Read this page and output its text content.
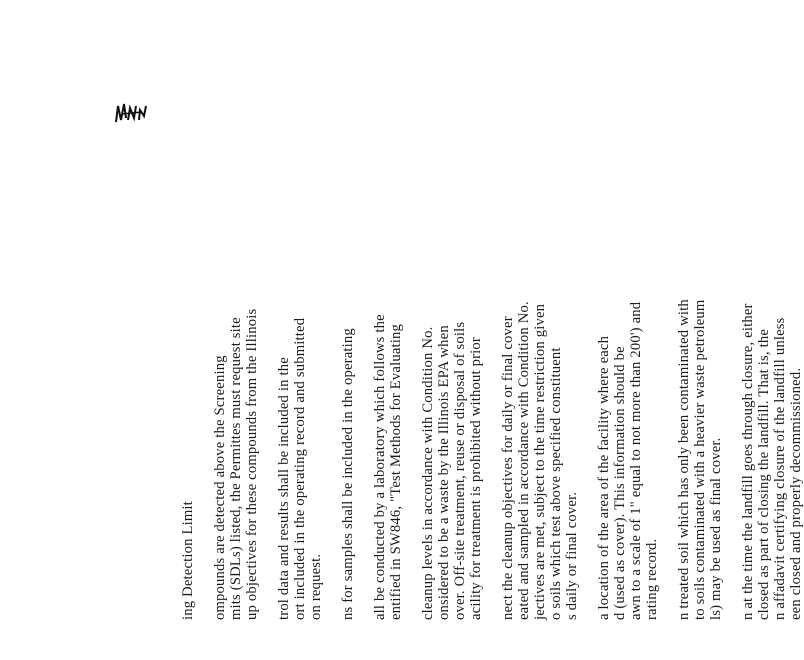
ing Detection Limit ompounds are detected above the Screening mits (SDLs) listed, the Permittes must request site up objectives for these compounds from the Illinois trol data and results shall be included in the ort included in the operating record and submitted on request. ns for samples shall be included in the operating all be conducted by a laboratory which follows the entified in SW846, "Test Methods for Evaluating cleanup levels in accordance with Condition No. onsidered to be a waste by the Illinois EPA when over. Off-site treatment, reuse or disposal of soils acility for treatment is prohibited without prior nect the cleanup objectives for daily or final cover eated and sampled in accordance with Condition No. jectives are met, subject to the time restriction given o soils which test above specified constituent s daily or final cover. a location of the area of the facility where each d (used as cover). This information should be awn to a scale of 1" equal to not more than 200') and rating record. n treated soil which has only been contaminated with to soils contaminated with a heavier waste petroleum ls) may be used as final cover. n at the time the landfill goes through closure, either closed as part of closing the landfill. That is, the n affadavit certifying closure of the landfill unless een closed and properly decommissioned.
